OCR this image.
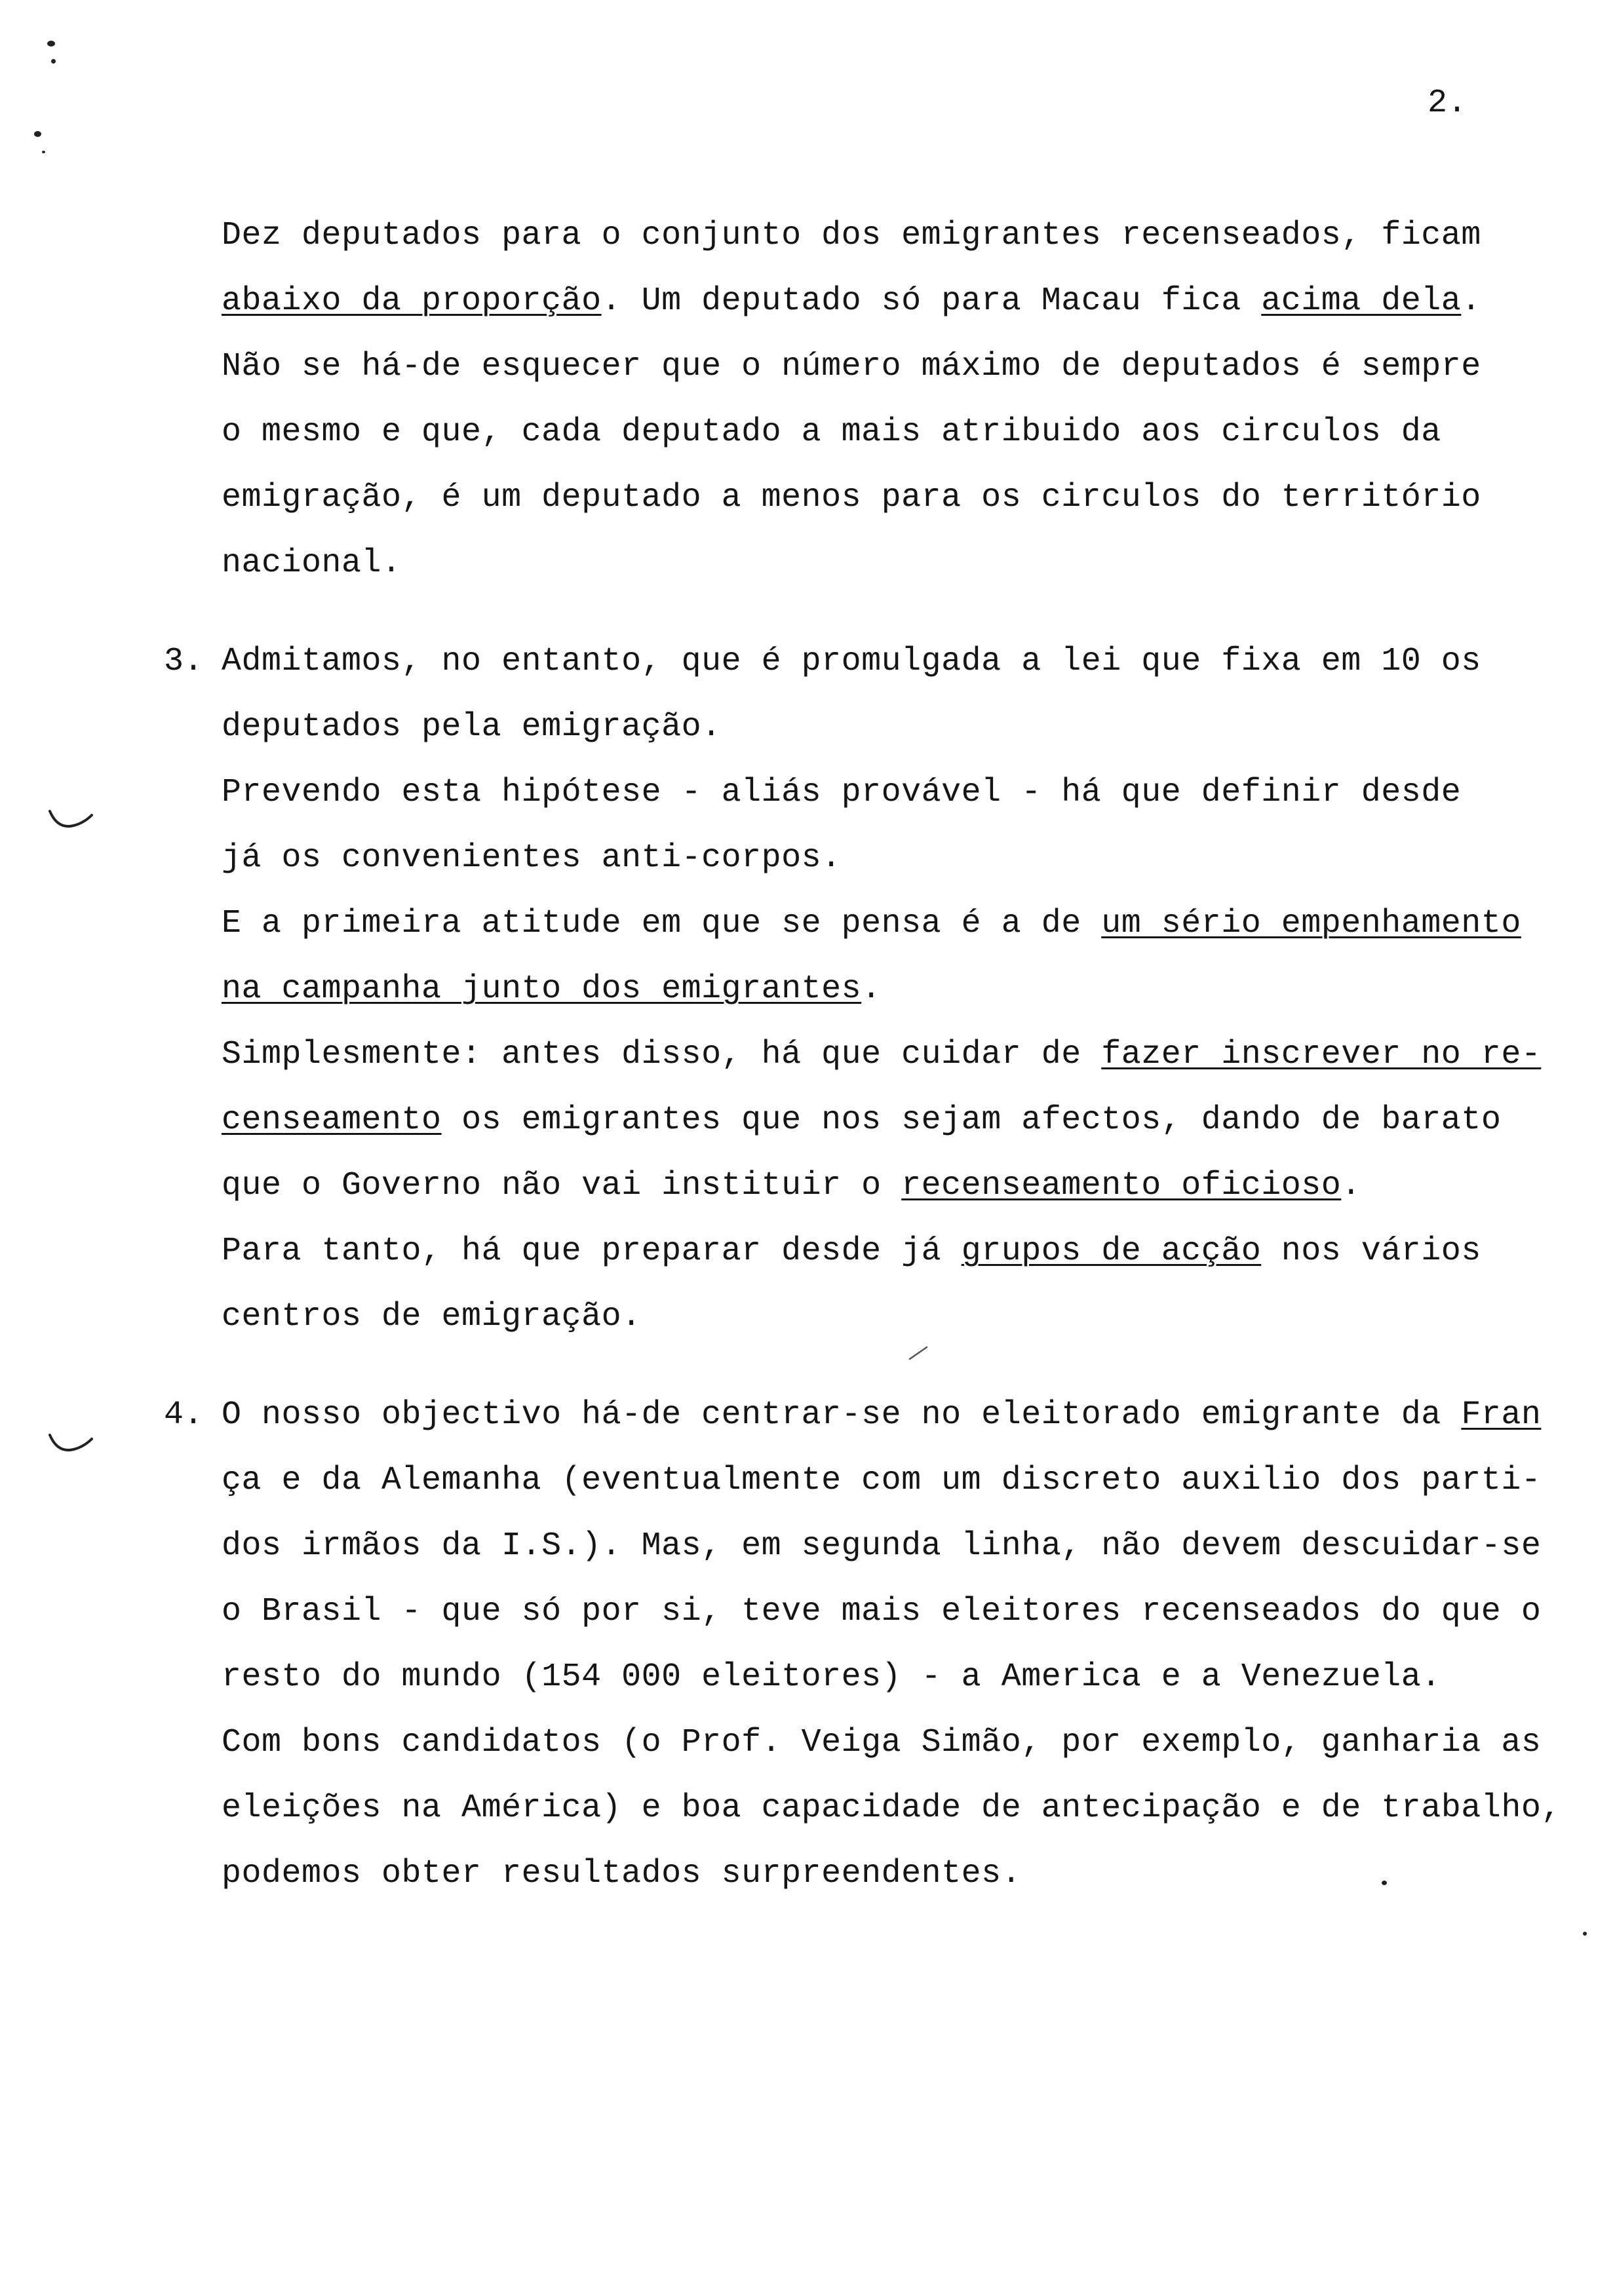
2.
Dez deputados para o conjunto dos emigrantes recenseados, ficam
abaixo da proporção. Um deputado só para Macau fica acima dela.
Não se há-de esquecer que o número máximo de deputados é sempre
o mesmo e que, cada deputado a mais atribuido aos circulos da
emigração, é um deputado a menos para os circulos do território
nacional.
3. Admitamos, no entanto, que é promulgada a lei que fixa em 10 os
deputados pela emigração.
Prevendo esta hipótese - aliás provável - há que definir desde
já os convenientes anti-corpos.
E a primeira atitude em que se pensa é a de um sério empenhamento
na campanha junto dos emigrantes.
Simplesmente: antes disso, há que cuidar de fazer inscrever no re-
censeamento os emigrantes que nos sejam afectos, dando de barato
que o Governo não vai instituir o recenseamento oficioso.
Para tanto, há que preparar desde já grupos de acção nos vários
centros de emigração.
4. O nosso objectivo há-de centrar-se no eleitorado emigrante da Fran
ça e da Alemanha (eventualmente com um discreto auxilio dos parti-
dos irmãos da I.S.). Mas, em segunda linha, não devem descuidar-se
o Brasil - que só por si, teve mais eleitores recenseados do que o
resto do mundo (154 000 eleitores) - a America e a Venezuela.
Com bons candidatos (o Prof. Veiga Simão, por exemplo, ganharia as
eleições na América) e boa capacidade de antecipação e de trabalho,
podemos obter resultados surpreendentes.
